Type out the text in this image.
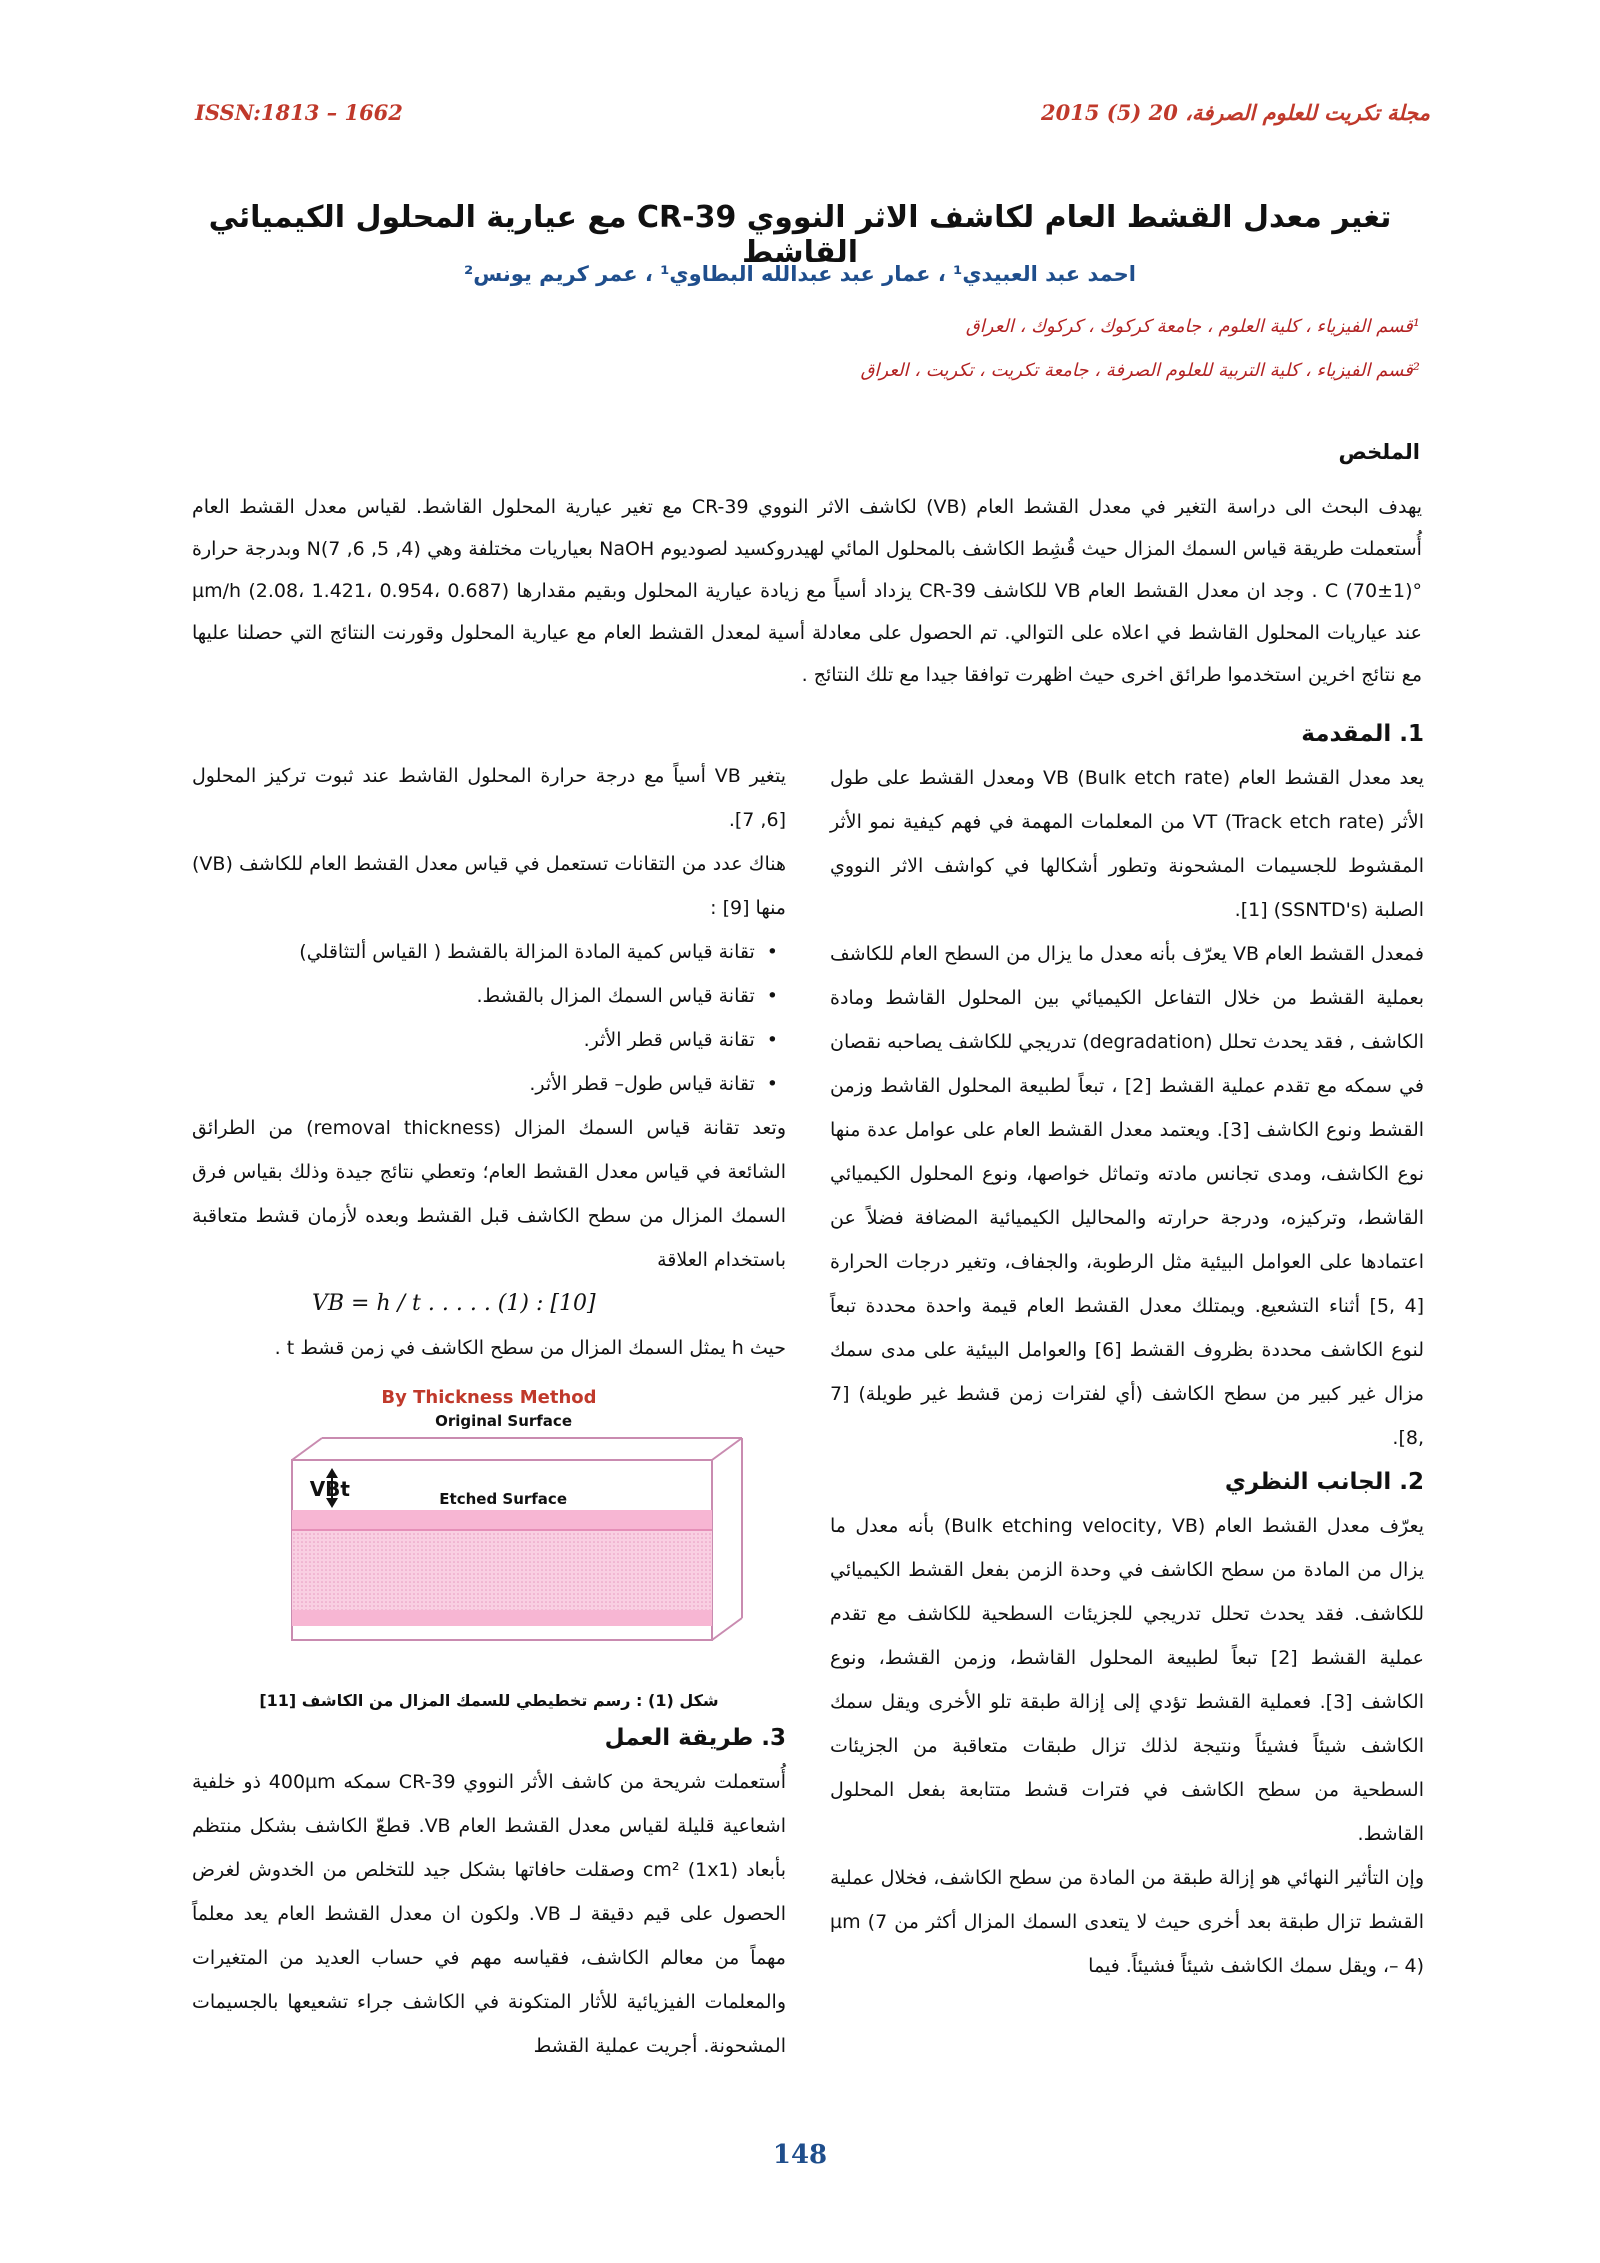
ISSN:1813 – 1662	مجلة تكريت للعلوم الصرفة، 20 (5) 2015
تغير معدل القشط العام لكاشف الاثر النووي CR-39 مع عيارية المحلول الكيميائي القاشط
احمد عبد العبيدي¹ ، عمار عبد عبدالله البطاوي¹ ، عمر كريم يونس²
¹قسم الفيزياء ، كلية العلوم ، جامعة كركوك ، كركوك ، العراق
²قسم الفيزياء ، كلية التربية للعلوم الصرفة ، جامعة تكريت ، تكريت ، العراق
الملخص

يهدف البحث الى دراسة التغير في معدل القشط العام (VB) لكاشف الاثر النووي CR-39 مع تغير عيارية المحلول القاشط. لقياس معدل القشط العام أُستعملت طريقة قياس السمك المزال حيث قُشِط الكاشف بالمحلول المائي لهيدروكسيد لصوديوم NaOH بعياريات مختلفة وهي (4, 5, 6, 7)N وبدرجة حرارة °C (70±1) . وجد ان معدل القشط العام VB للكاشف CR-39 يزداد أسياً مع زيادة عيارية المحلول وبقيم مقدارها µm/h (2.08، 1.421، 0.954، 0.687) عند عياريات المحلول القاشط في اعلاه على التوالي. تم الحصول على معادلة أسية لمعدل القشط العام مع عيارية المحلول وقورنت النتائج التي حصلنا عليها مع نتائج اخرين استخدموا طرائق اخرى حيث اظهرت توافقا جيدا مع تلك النتائج .

1. المقدمة

يعد معدل القشط العام VB (Bulk etch rate) ومعدل القشط على طول الأثر VT (Track etch rate) من المعلمات المهمة في فهم كيفية نمو الأثر المقشوط للجسيمات المشحونة وتطور أشكالها في كواشف الاثر النووي الصلبة (SSNTD's) [1].

فمعدل القشط العام VB يعرّف بأنه معدل ما يزال من السطح العام للكاشف بعملية القشط من خلال التفاعل الكيميائي بين المحلول القاشط ومادة الكاشف , فقد يحدث تحلل (degradation) تدريجي للكاشف يصاحبه نقصان في سمكه مع تقدم عملية القشط [2] ، تبعاً لطبيعة المحلول القاشط وزمن القشط ونوع الكاشف [3]. ويعتمد معدل القشط العام على عوامل عدة منها نوع الكاشف، ومدى تجانس مادته وتماثل خواصها، ونوع المحلول الكيميائي القاشط، وتركيزه، ودرجة حرارته والمحاليل الكيميائية المضافة فضلاً عن اعتمادها على العوامل البيئية مثل الرطوبة، والجفاف، وتغير درجات الحرارة [4 ,5] أثناء التشعيع. ويمتلك معدل القشط العام قيمة واحدة محددة تبعاً لنوع الكاشف محددة بظروف القشط [6] والعوامل البيئية على مدى سمك مزال غير كبير من سطح الكاشف (أي لفترات زمن قشط غير طويلة) [7 ,8].

2. الجانب النظري

يعرّف معدل القشط العام (Bulk etching velocity, VB) بأنه معدل ما يزال من المادة من سطح الكاشف في وحدة الزمن بفعل القشط الكيميائي للكاشف. فقد يحدث تحلل تدريجي للجزيئات السطحية للكاشف مع تقدم عملية القشط [2] تبعاً لطبيعة المحلول القاشط، وزمن القشط، ونوع الكاشف [3]. فعملية القشط تؤدي إلى إزالة طبقة تلو الأخرى ويقل سمك الكاشف شيئاً فشيئاً ونتيجة لذلك تزال طبقات متعاقبة من الجزيئات السطحية من سطح الكاشف في فترات قشط متتابعة بفعل المحلول القاشط.

وإن التأثير النهائي هو إزالة طبقة من المادة من سطح الكاشف، فخلال عملية القشط تزال طبقة بعد أخرى حيث لا يتعدى السمك المزال أكثر من µm (7 – 4)، ويقل سمك الكاشف شيئاً فشيئاً. فيما

يتغير VB أسياً مع درجة حرارة المحلول القاشط عند ثبوت تركيز المحلول [6, 7].

هناك عدد من التقانات تستعمل في قياس معدل القشط العام للكاشف (VB) منها [9] :

• تقانة قياس كمية المادة المزالة بالقشط ( القياس ألتثاقلي)
• تقانة قياس السمك المزال بالقشط.
• تقانة قياس قطر الأثر.
• تقانة قياس طول– قطر الأثر.

وتعد تقانة قياس السمك المزال (removal thickness) من الطرائق الشائعة في قياس معدل القشط العام؛ وتعطي نتائج جيدة وذلك بقياس فرق السمك المزال من سطح الكاشف قبل القشط وبعده لأزمان قشط متعاقبة باستخدام العلاقة

VB = h / t . . . . . (1) : [10]

حيث h يمثل السمك المزال من سطح الكاشف في زمن قشط t .

By Thickness Method
VBt
Original Surface
Etched Surface
شكل (1) : رسم تخطيطي للسمك المزال من الكاشف [11]
3. طريقة العمل

أُستعملت شريحة من كاشف الأثر النووي CR-39 سمكه 400µm ذو خلفية اشعاعية قليلة لقياس معدل القشط العام VB. قطعّ الكاشف بشكل منتظم بأبعاد (1x1) cm² وصقلت حافاتها بشكل جيد للتخلص من الخدوش لغرض الحصول على قيم دقيقة لـ VB. ولكون ان معدل القشط العام يعد معلماً مهماً من معالم الكاشف، فقياسه مهم في حساب العديد من المتغيرات والمعلمات الفيزيائية للأثار المتكونة في الكاشف جراء تشعيعها بالجسيمات المشحونة. أجريت عملية القشط

148
